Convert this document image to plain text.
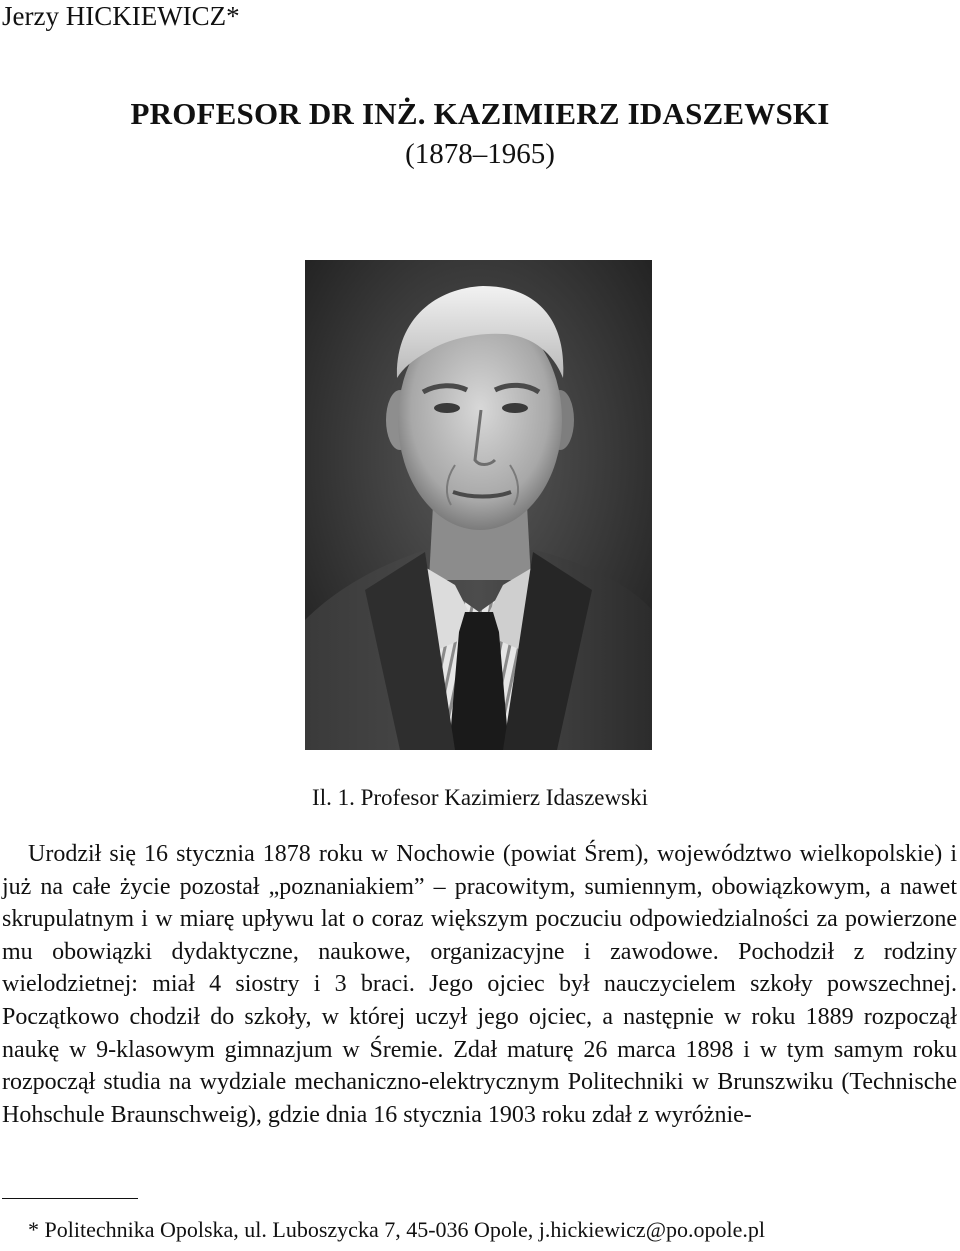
Jerzy HICKIEWICZ*
PROFESOR DR INŻ. KAZIMIERZ IDASZEWSKI
(1878–1965)
Il. 1. Profesor Kazimierz Idaszewski
Urodził się 16 stycznia 1878 roku w Nochowie (powiat Śrem), województwo wielkopolskie) i już na całe życie pozostał „poznaniakiem” – pracowitym, sumiennym, obowiązkowym, a nawet skrupulatnym i w miarę upływu lat o coraz większym poczuciu odpowiedzialności za powierzone mu obowiązki dydaktyczne, naukowe, organizacyjne i zawodowe. Pochodził z rodziny wielodzietnej: miał 4 siostry i 3 braci. Jego ojciec był nauczycielem szkoły powszechnej. Początkowo chodził do szkoły, w której uczył jego ojciec, a następnie w roku 1889 rozpoczął naukę w 9-klasowym gimnazjum w Śremie. Zdał maturę 26 marca 1898 i w tym samym roku rozpoczął studia na wydziale mechaniczno-elektrycznym Politechniki w Brunszwiku (Technische Hohschule Braunschweig), gdzie dnia 16 stycznia 1903 roku zdał z wyróżnie-
* Politechnika Opolska, ul. Luboszycka 7, 45-036 Opole, j.hickiewicz@po.opole.pl
